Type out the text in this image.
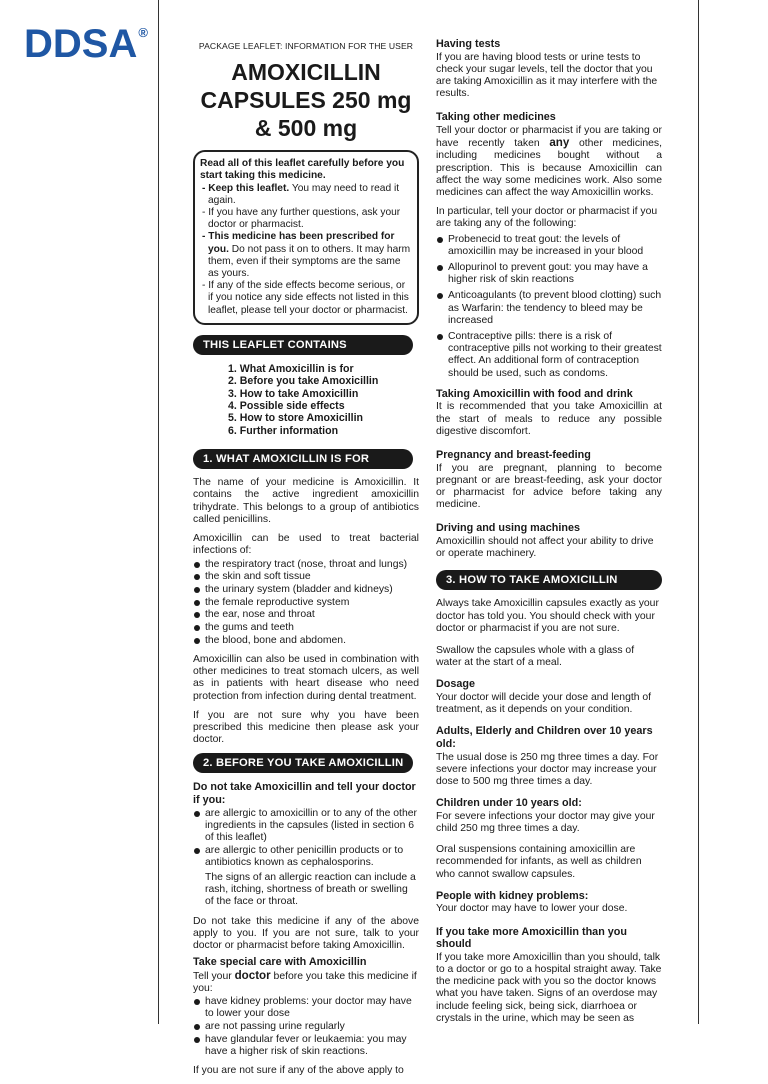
DDSA®
PACKAGE LEAFLET: INFORMATION FOR THE USER
AMOXICILLIN
CAPSULES 250 mg
& 500 mg
Read all of this leaflet carefully before you start taking this medicine.
- Keep this leaflet. You may need to read it again.
- If you have any further questions, ask your doctor or pharmacist.
- This medicine has been prescribed for you. Do not pass it on to others. It may harm them, even if their symptoms are the same as yours.
- If any of the side effects become serious, or if you notice any side effects not listed in this leaflet, please tell your doctor or pharmacist.
THIS LEAFLET CONTAINS
1. What Amoxicillin is for
2. Before you take Amoxicillin
3. How to take Amoxicillin
4. Possible side effects
5. How to store Amoxicillin
6. Further information
1. WHAT AMOXICILLIN IS FOR

The name of your medicine is Amoxicillin. It contains the active ingredient amoxicillin trihydrate. This belongs to a group of antibiotics called penicillins.

Amoxicillin can be used to treat bacterial infections of:

the respiratory tract (nose, throat and lungs)
the skin and soft tissue
the urinary system (bladder and kidneys)
the female reproductive system
the ear, nose and throat
the gums and teeth
the blood, bone and abdomen.

Amoxicillin can also be used in combination with other medicines to treat stomach ulcers, as well as in patients with heart disease who need protection from infection during dental treatment.

If you are not sure why you have been prescribed this medicine then please ask your doctor.

2. BEFORE YOU TAKE AMOXICILLIN
Do not take Amoxicillin and tell your doctor if you:
are allergic to amoxicillin or to any of the other ingredients in the capsules (listed in section 6 of this leaflet)
are allergic to other penicillin products or to antibiotics known as cephalosporins.

The signs of an allergic reaction can include a rash, itching, shortness of breath or swelling of the face or throat.

Do not take this medicine if any of the above apply to you. If you are not sure, talk to your doctor or pharmacist before taking Amoxicillin.

Take special care with Amoxicillin

Tell your doctor before you take this medicine if you:

have kidney problems: your doctor may have to lower your dose
are not passing urine regularly
have glandular fever or leukaemia: you may have a higher risk of skin reactions.

If you are not sure if any of the above apply to

Having tests

If you are having blood tests or urine tests to check your sugar levels, tell the doctor that you are taking Amoxicillin as it may interfere with the results.

Taking other medicines

Tell your doctor or pharmacist if you are taking or have recently taken any other medicines, including medicines bought without a prescription. This is because Amoxicillin can affect the way some medicines work. Also some medicines can affect the way Amoxicillin works.

In particular, tell your doctor or pharmacist if you are taking any of the following:

Probenecid to treat gout: the levels of amoxicillin may be increased in your blood
Allopurinol to prevent gout: you may have a higher risk of skin reactions
Anticoagulants (to prevent blood clotting) such as Warfarin: the tendency to bleed may be increased
Contraceptive pills: there is a risk of contraceptive pills not working to their greatest effect. An additional form of contraception should be used, such as condoms.
Taking Amoxicillin with food and drink

It is recommended that you take Amoxicillin at the start of meals to reduce any possible digestive discomfort.

Pregnancy and breast-feeding

If you are pregnant, planning to become pregnant or are breast-feeding, ask your doctor or pharmacist for advice before taking any medicine.

Driving and using machines

Amoxicillin should not affect your ability to drive or operate machinery.

3. HOW TO TAKE AMOXICILLIN

Always take Amoxicillin capsules exactly as your doctor has told you. You should check with your doctor or pharmacist if you are not sure.

Swallow the capsules whole with a glass of water at the start of a meal.

Dosage

Your doctor will decide your dose and length of treatment, as it depends on your condition.

Adults, Elderly and Children over 10 years old:

The usual dose is 250 mg three times a day. For severe infections your doctor may increase your dose to 500 mg three times a day.

Children under 10 years old:

For severe infections your doctor may give your child 250 mg three times a day.

Oral suspensions containing amoxicillin are recommended for infants, as well as children who cannot swallow capsules.

People with kidney problems:

Your doctor may have to lower your dose.

If you take more Amoxicillin than you should

If you take more Amoxicillin than you should, talk to a doctor or go to a hospital straight away. Take the medicine pack with you so the doctor knows what you have taken. Signs of an overdose may include feeling sick, being sick, diarrhoea or crystals in the urine, which may be seen as
